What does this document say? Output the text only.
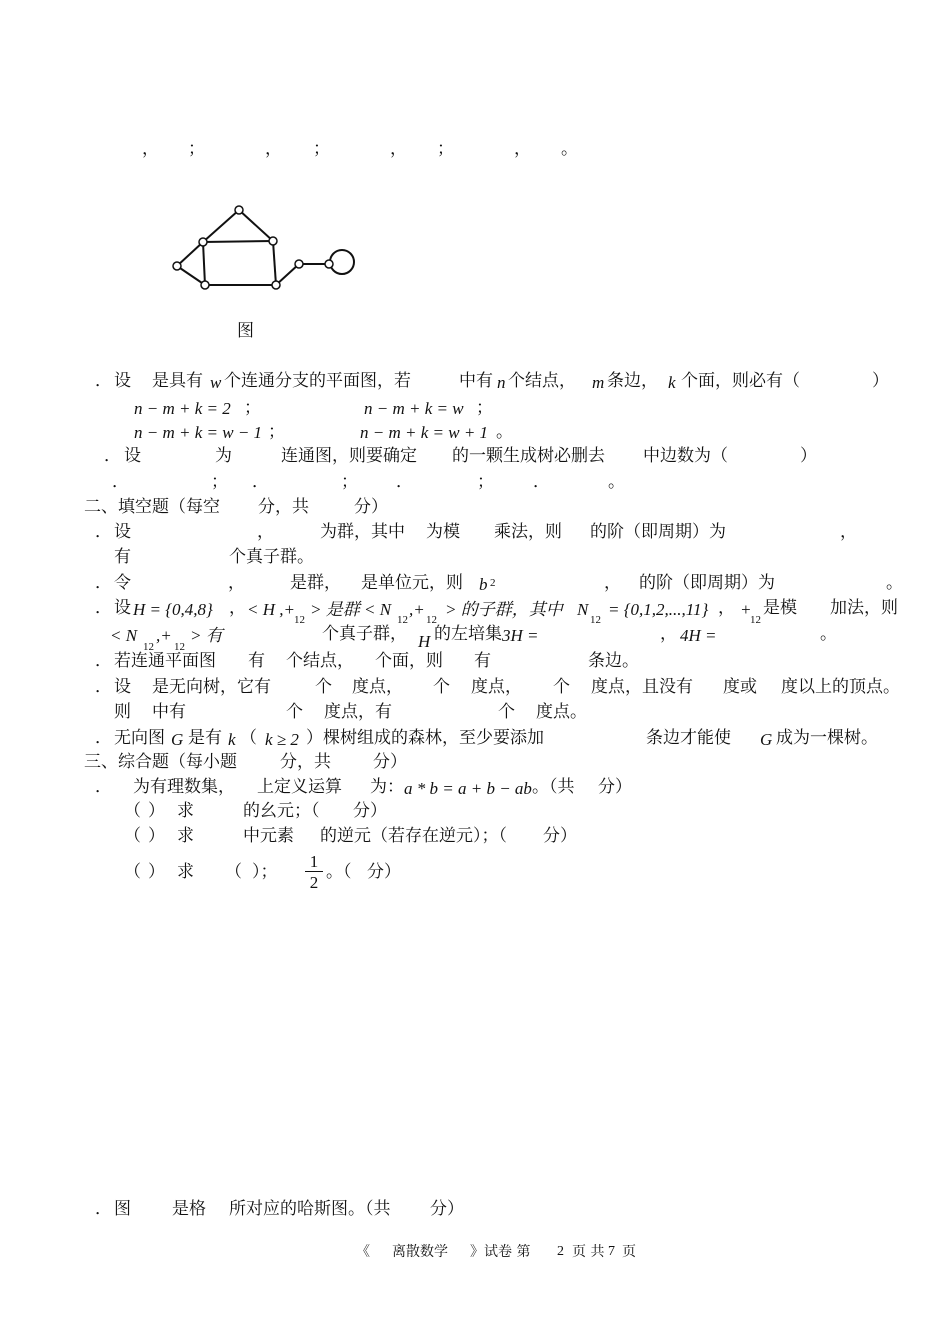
， ；	， ；	， ；	， 。
图
． 设 是具有 w 个连通分支的平面图，若	中有 n 个结点， m 条边， k 个面，则必有（	）
n − m + k = 2 ；	n − m + k = w ；
n − m + k = w − 1 ；	n − m + k = w + 1 。
． 设	为	连通图，则要确定 的一颗生成树必删去 中边数为（	）
．	； ．	； ．	； ．	。
二、填空题（每空 分，共	分）
． 设	，	为群，其中 为模 乘法，则 的阶（即周期）为	，
有	个真子群。
． 令	，	是群， 是单位元，则 b 2	， 的阶（即周期）为	。
． 设 H = {0,4,8} ， < H ,+
12
> 是群 < N
12
,+
12
> 的子群，其中 N
12
= {0,1,2,...,11} ， +
12
是模 加法，则
< N
12
,+
12
> 有	个真子群， H 的左培集 3H =	， 4H =	。
． 若连通平面图 有 个结点， 个面，则 有	条边。
． 设 是无向树，它有	个 度点， 个 度点， 个 度点，且没有 度或 度以上的顶点。
则 中有	个 度点，有	个 度点。
． 无向图 G 是有 k （ k ≥ 2 ）棵树组成的森林，至少要添加	条边才能使 G 成为一棵树。
三、综合题（每小题	分，共 分）
． 为有理数集， 上定义运算 为： a * b = a + b − ab 。（共 分）
（ ） 求	的幺元；（ 分）
（ ） 求	中元素 的逆元（若存在逆元）；（ 分）
（ ） 求 （ ）；
1
2
。（ 分）
． 图 是格 所对应的哈斯图。（共 分）
《 离散数学 》试卷 第 2 页 共 7 页
